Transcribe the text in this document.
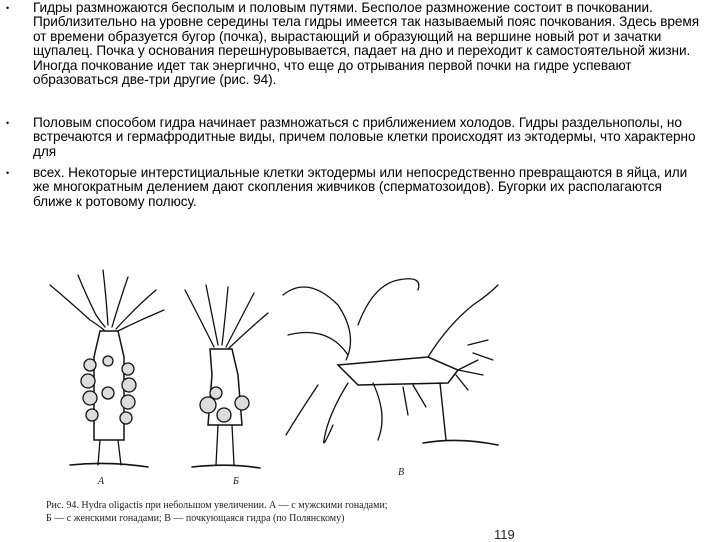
• Гидры размножаются бесполым и половым путями. Бесполое размножение состоит в почковании. Приблизительно на уровне середины тела гидры имеется так называемый пояс почкования. Здесь время от времени образуется бугор (почка), вырастающий и образующий на вершине новый рот и зачатки щупалец. Почка у основания перешнуровывается, падает на дно и переходит к самостоятельной жизни. Иногда почкование идет так энергично, что еще до отрывания первой почки на гидре успевают образоваться две-три другие (рис. 94).
• Половым способом гидра начинает размножаться с приближением холодов. Гидры раздельнополы, но встречаются и гермафродитные виды, причем половые клетки происходят из эктодермы, что характерно для
• всех. Некоторые интерстициальные клетки эктодермы или непосредственно превращаются в яйца, или же многократным делением дают скопления живчиков (сперматозоидов). Бугорки их располагаются ближе к ротовому полюсу.
А	Б
В
Рис. 94. Hydra oligactis при небольшом увеличении. А — с мужскими гонадами;
Б — с женскими гонадами; В — почкующаяся гидра (по Полянскому)
119
